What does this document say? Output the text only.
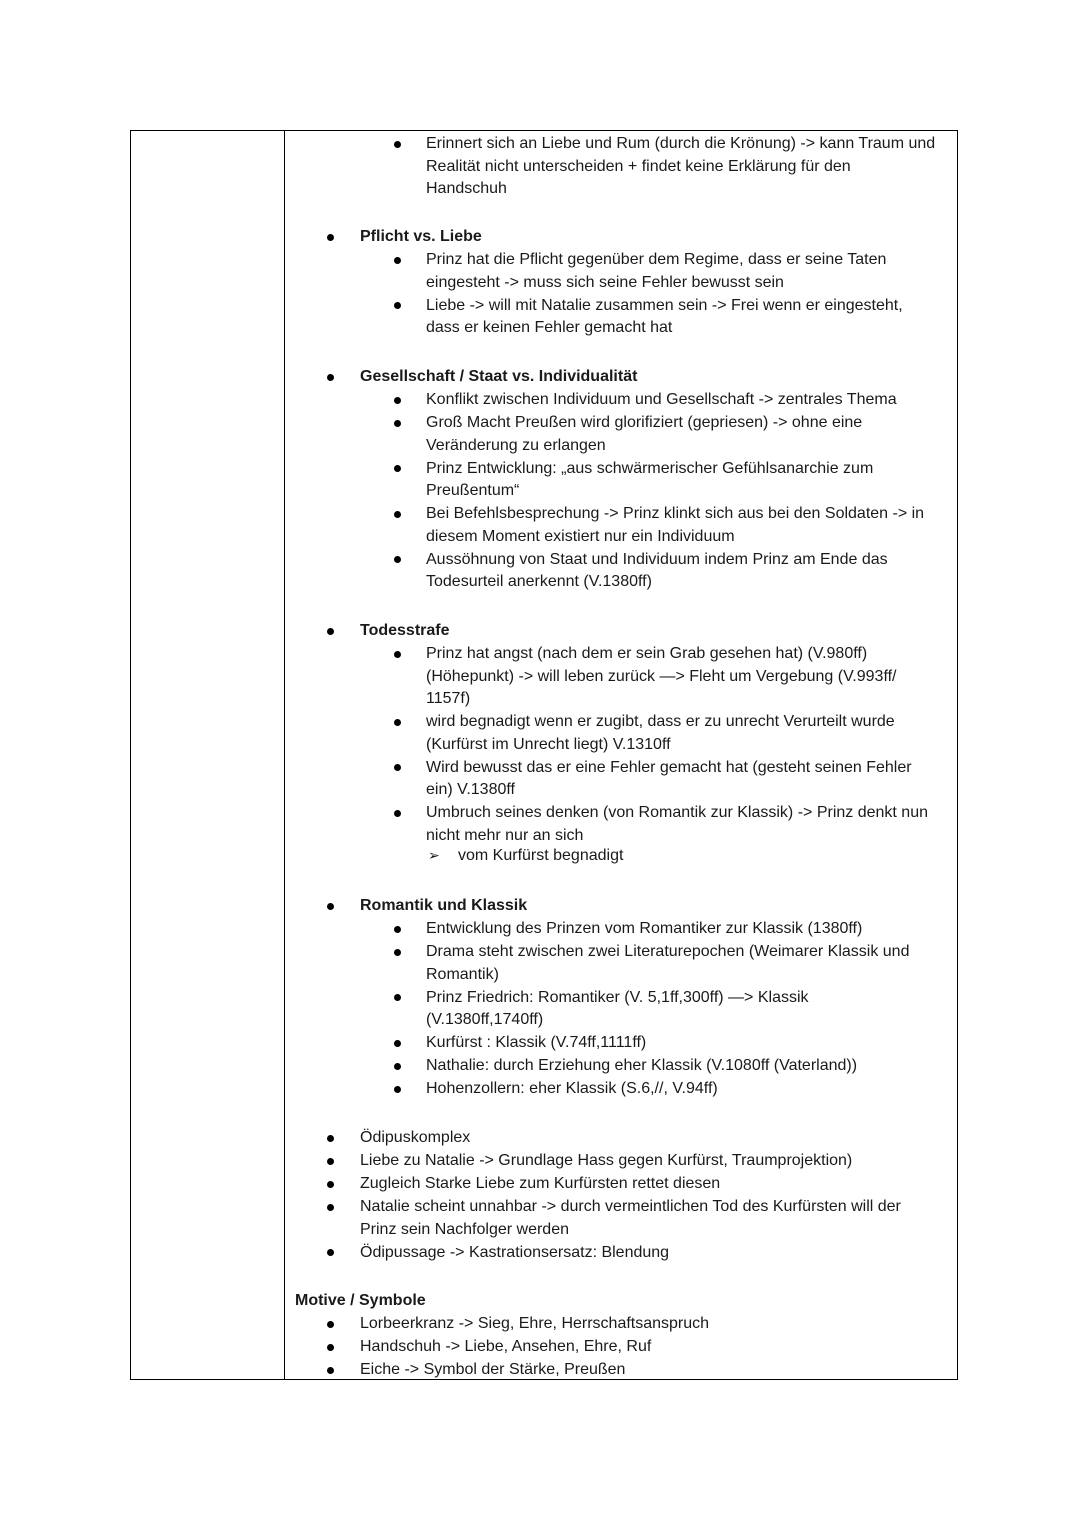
Erinnert sich an Liebe und Rum (durch die Krönung) -> kann Traum und
Realität nicht unterscheiden + findet keine Erklärung für den
Handschuh
Pflicht vs. Liebe
Prinz hat die Pflicht gegenüber dem Regime, dass er seine Taten
eingesteht -> muss sich seine Fehler bewusst sein
Liebe -> will mit Natalie zusammen sein -> Frei wenn er eingesteht,
dass er keinen Fehler gemacht hat
Gesellschaft / Staat vs. Individualität
Konflikt zwischen Individuum und Gesellschaft -> zentrales Thema
Groß Macht Preußen wird glorifiziert (gepriesen) -> ohne eine
Veränderung zu erlangen
Prinz Entwicklung: „aus schwärmerischer Gefühlsanarchie zum
Preußentum“
Bei Befehlsbesprechung -> Prinz klinkt sich aus bei den Soldaten -> in
diesem Moment existiert nur ein Individuum
Aussöhnung von Staat und Individuum indem Prinz am Ende das
Todesurteil anerkennt (V.1380ff)
Todesstrafe
Prinz hat angst (nach dem er sein Grab gesehen hat) (V.980ff)
(Höhepunkt) -> will leben zurück —> Fleht um Vergebung (V.993ff/
1157f)
wird begnadigt wenn er zugibt, dass er zu unrecht Verurteilt wurde
(Kurfürst im Unrecht liegt) V.1310ff
Wird bewusst das er eine Fehler gemacht hat (gesteht seinen Fehler
ein) V.1380ff
Umbruch seines denken (von Romantik zur Klassik) -> Prinz denkt nun
nicht mehr nur an sich
➢ vom Kurfürst begnadigt
Romantik und Klassik
Entwicklung des Prinzen vom Romantiker zur Klassik (1380ff)
Drama steht zwischen zwei Literaturepochen (Weimarer Klassik und
Romantik)
Prinz Friedrich: Romantiker (V. 5,1ff,300ff) —> Klassik
(V.1380ff,1740ff)
Kurfürst : Klassik (V.74ff,1111ff)
Nathalie: durch Erziehung eher Klassik (V.1080ff (Vaterland))
Hohenzollern: eher Klassik (S.6,//, V.94ff)
Ödipuskomplex
Liebe zu Natalie -> Grundlage Hass gegen Kurfürst, Traumprojektion)
Zugleich Starke Liebe zum Kurfürsten rettet diesen
Natalie scheint unnahbar -> durch vermeintlichen Tod des Kurfürsten will der
Prinz sein Nachfolger werden
Ödipussage -> Kastrationsersatz: Blendung
Motive / Symbole
Lorbeerkranz -> Sieg, Ehre, Herrschaftsanspruch
Handschuh -> Liebe, Ansehen, Ehre, Ruf
Eiche -> Symbol der Stärke, Preußen
